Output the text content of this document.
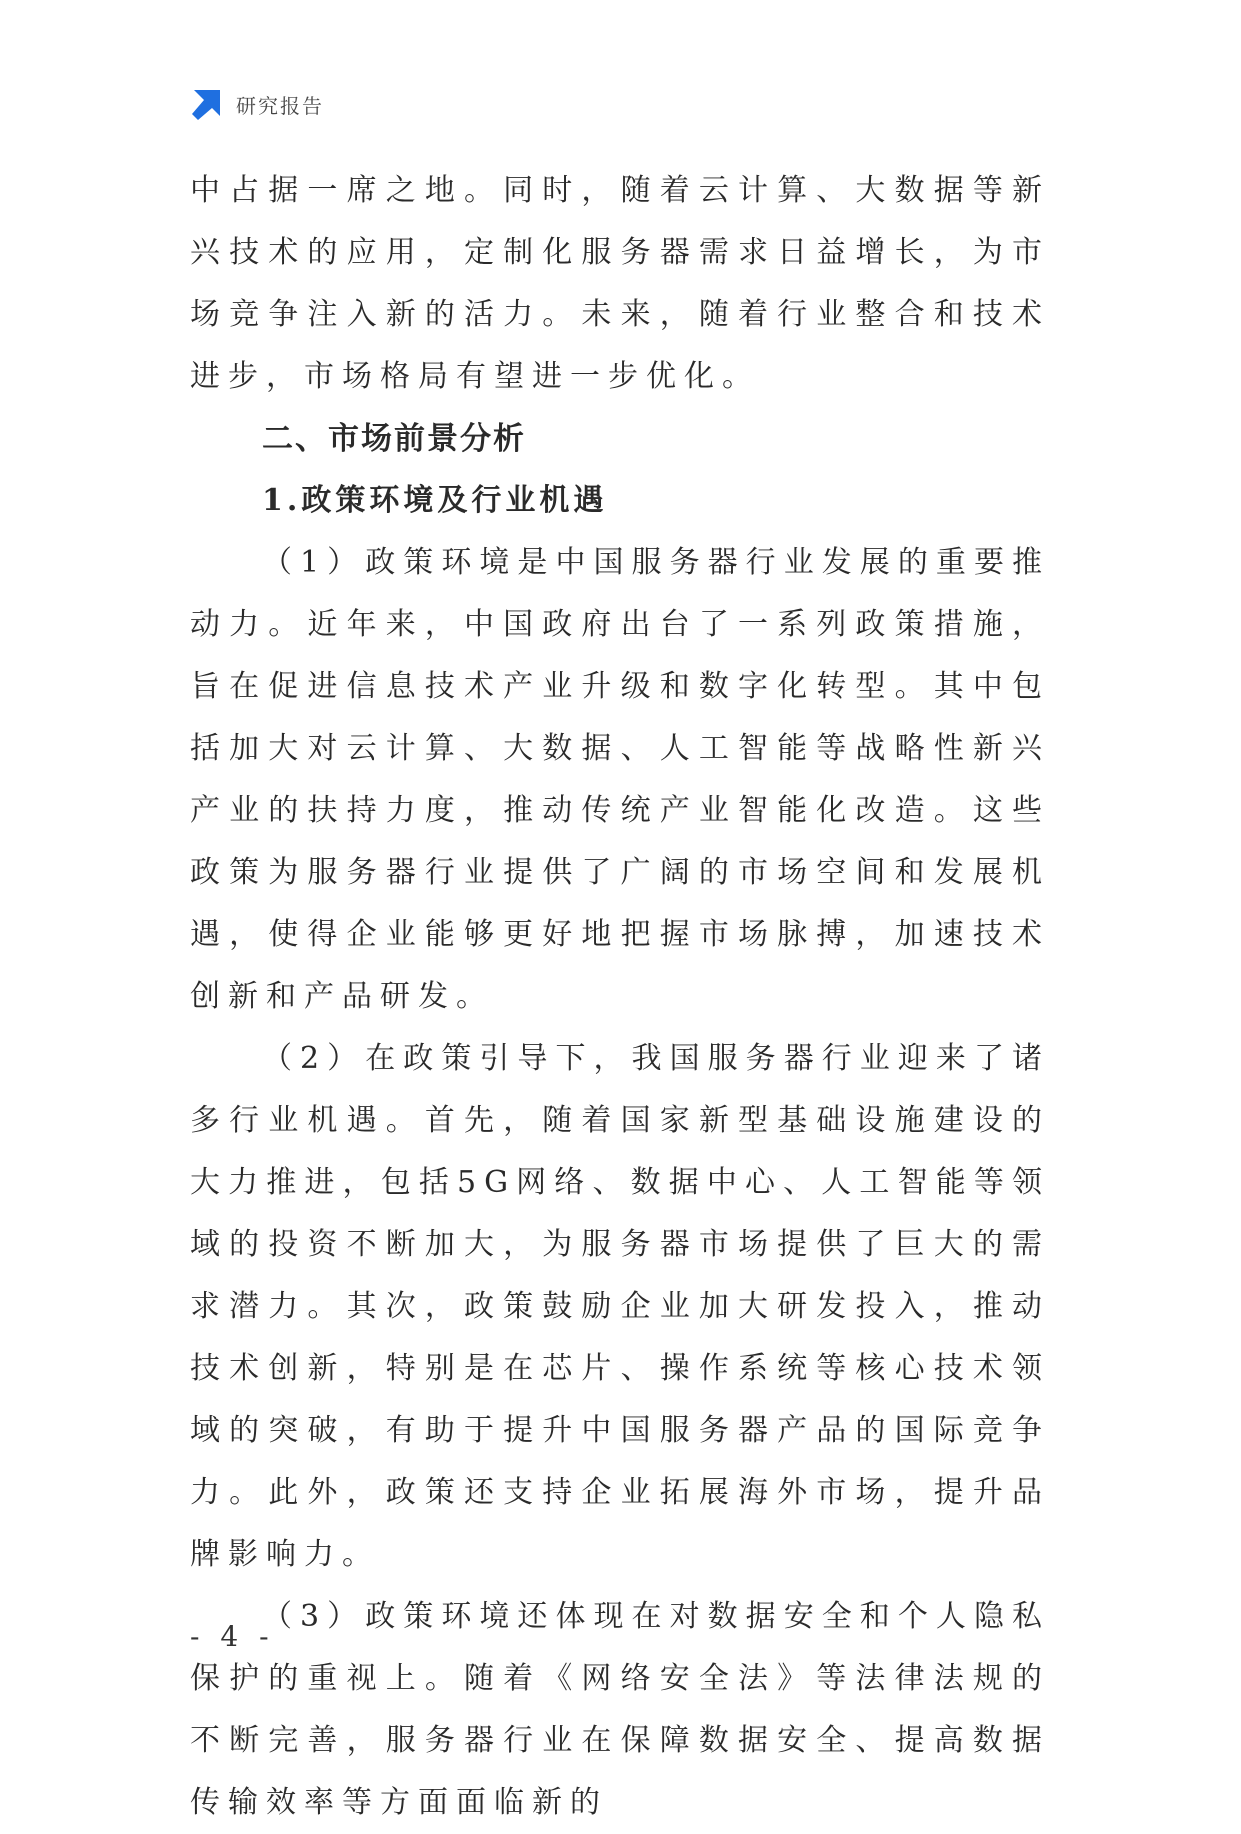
研究报告

中占据一席之地。同时，随着云计算、大数据等新兴技术的应用，定制化服务器需求日益增长，为市场竞争注入新的活力。未来，随着行业整合和技术进步，市场格局有望进一步优化。

二、市场前景分析
1.政策环境及行业机遇

（1）政策环境是中国服务器行业发展的重要推动力。近年来，中国政府出台了一系列政策措施，旨在促进信息技术产业升级和数字化转型。其中包括加大对云计算、大数据、人工智能等战略性新兴产业的扶持力度，推动传统产业智能化改造。这些政策为服务器行业提供了广阔的市场空间和发展机遇，使得企业能够更好地把握市场脉搏，加速技术创新和产品研发。

（2）在政策引导下，我国服务器行业迎来了诸多行业机遇。首先，随着国家新型基础设施建设的大力推进，包括5G网络、数据中心、人工智能等领域的投资不断加大，为服务器市场提供了巨大的需求潜力。其次，政策鼓励企业加大研发投入，推动技术创新，特别是在芯片、操作系统等核心技术领域的突破，有助于提升中国服务器产品的国际竞争力。此外，政策还支持企业拓展海外市场，提升品牌影响力。

（3）政策环境还体现在对数据安全和个人隐私保护的重视上。随着《网络安全法》等法律法规的不断完善，服务器行业在保障数据安全、提高数据传输效率等方面面临新的

- 4 -
